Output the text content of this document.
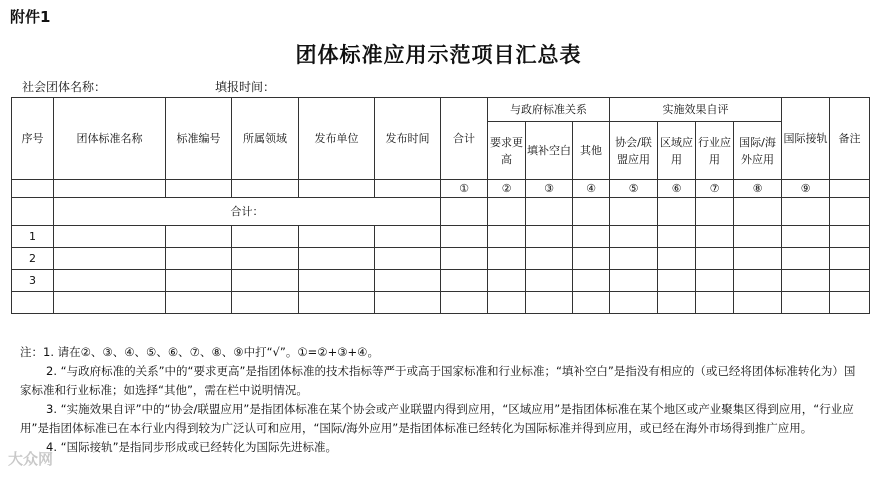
附件1
团体标准应用示范项目汇总表
社会团体名称：	填报时间：
序号	团体标准名称	标准编号	所属领域	发布单位	发布时间	合计	与政府标准关系			实施效果自评				国际接轨	备注
							要求更高	填补空白	其他	协会/联盟应用	区域应用	行业应用	国际/海外应用		
						①	②	③	④	⑤	⑥	⑦	⑧	⑨	
	合计：														
1															
2															
3															

注：1. 请在②、③、④、⑤、⑥、⑦、⑧、⑨中打“√”。①=②+③+④。

2. “与政府标准的关系”中的“要求更高”是指团体标准的技术指标等严于或高于国家标准和行业标准；“填补空白”是指没有相应的（或已经将团体标准转化为）国家标准和行业标准；如选择“其他”，需在栏中说明情况。

3. “实施效果自评”中的“协会/联盟应用”是指团体标准在某个协会或产业联盟内得到应用，“区域应用”是指团体标准在某个地区或产业聚集区得到应用，“行业应用”是指团体标准已在本行业内得到较为广泛认可和应用，“国际/海外应用”是指团体标准已经转化为国际标准并得到应用，或已经在海外市场得到推广应用。

4. “国际接轨”是指同步形成或已经转化为国际先进标准。

大众网
